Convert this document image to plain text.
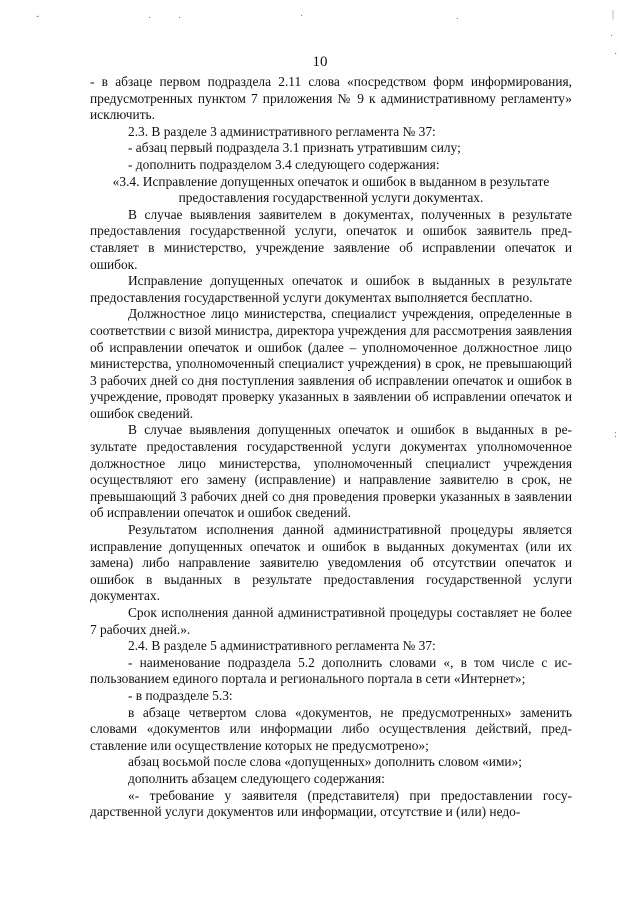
10

- в абзаце первом подраздела 2.11 слова «посредством форм информирования, предусмотренных пунктом 7 приложения № 9 к административному регламенту» исключить.

2.3. В разделе 3 административного регламента № 37:

- абзац первый подраздела 3.1 признать утратившим силу;

- дополнить подразделом 3.4 следующего содержания:

«3.4. Исправление допущенных опечаток и ошибок в выданном в результате предоставления государственной услуги документах.

В случае выявления заявителем в документах, полученных в результате предоставления государственной услуги, опечаток и ошибок заявитель представляет в министерство, учреждение заявление об исправлении опечаток и ошибок.

Исправление допущенных опечаток и ошибок в выданных в результате предоставления государственной услуги документах выполняется бесплатно.

Должностное лицо министерства, специалист учреждения, определенные в соответствии с визой министра, директора учреждения для рассмотрения заявления об исправлении опечаток и ошибок (далее – уполномоченное должностное лицо министерства, уполномоченный специалист учреждения) в срок, не превышающий 3 рабочих дней со дня поступления заявления об исправлении опечаток и ошибок в учреждение, проводят проверку указанных в заявлении об исправлении опечаток и ошибок сведений.

В случае выявления допущенных опечаток и ошибок в выданных в результате предоставления государственной услуги документах уполномоченное должностное лицо министерства, уполномоченный специалист учреждения осуществляют его замену (исправление) и направление заявителю в срок, не превышающий 3 рабочих дней со дня проведения проверки указанных в заявлении об исправлении опечаток и ошибок сведений.

Результатом исполнения данной административной процедуры является исправление допущенных опечаток и ошибок в выданных документах (или их замена) либо направление заявителю уведомления об отсутствии опечаток и ошибок в выданных в результате предоставления государственной услуги документах.

Срок исполнения данной административной процедуры составляет не более 7 рабочих дней.».

2.4. В разделе 5 административного регламента № 37:

- наименование подраздела 5.2 дополнить словами «, в том числе с использованием единого портала и регионального портала в сети «Интернет»;

- в подразделе 5.3:

в абзаце четвертом слова «документов, не предусмотренных» заменить словами «документов или информации либо осуществления действий, представление или осуществление которых не предусмотрено»;

абзац восьмой после слова «допущенных» дополнить словом «ими»;

дополнить абзацем следующего содержания:

«- требование у заявителя (представителя) при предоставлении государственной услуги документов или информации, отсутствие и (или) недо-

˘	·	·	·	.	|
·
·
:
